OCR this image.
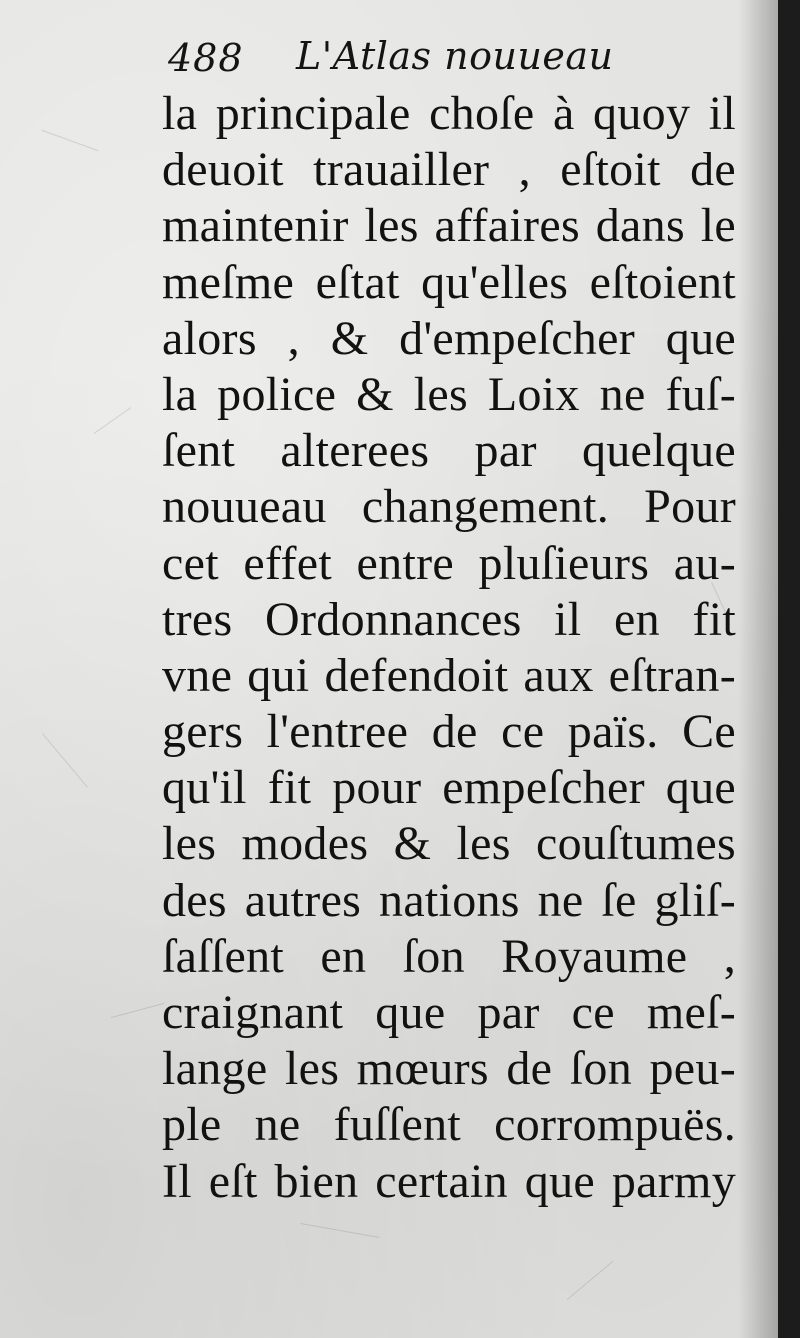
488 L'Atlas nouueau
la principale choſe à quoy il
deuoit trauailler , eſtoit de
maintenir les affaires dans le
meſme eſtat qu'elles eſtoient
alors , & d'empeſcher que
la police & les Loix ne fuſ-
ſent alterees par quelque
nouueau changement. Pour
cet effet entre pluſieurs au-
tres Ordonnances il en fit
vne qui defendoit aux eſtran-
gers l'entree de ce païs. Ce
qu'il fit pour empeſcher que
les modes & les couſtumes
des autres nations ne ſe gliſ-
ſaſſent en ſon Royaume ,
craignant que par ce meſ-
lange les mœurs de ſon peu-
ple ne fuſſent corrompuës.
Il eſt bien certain que parmy
